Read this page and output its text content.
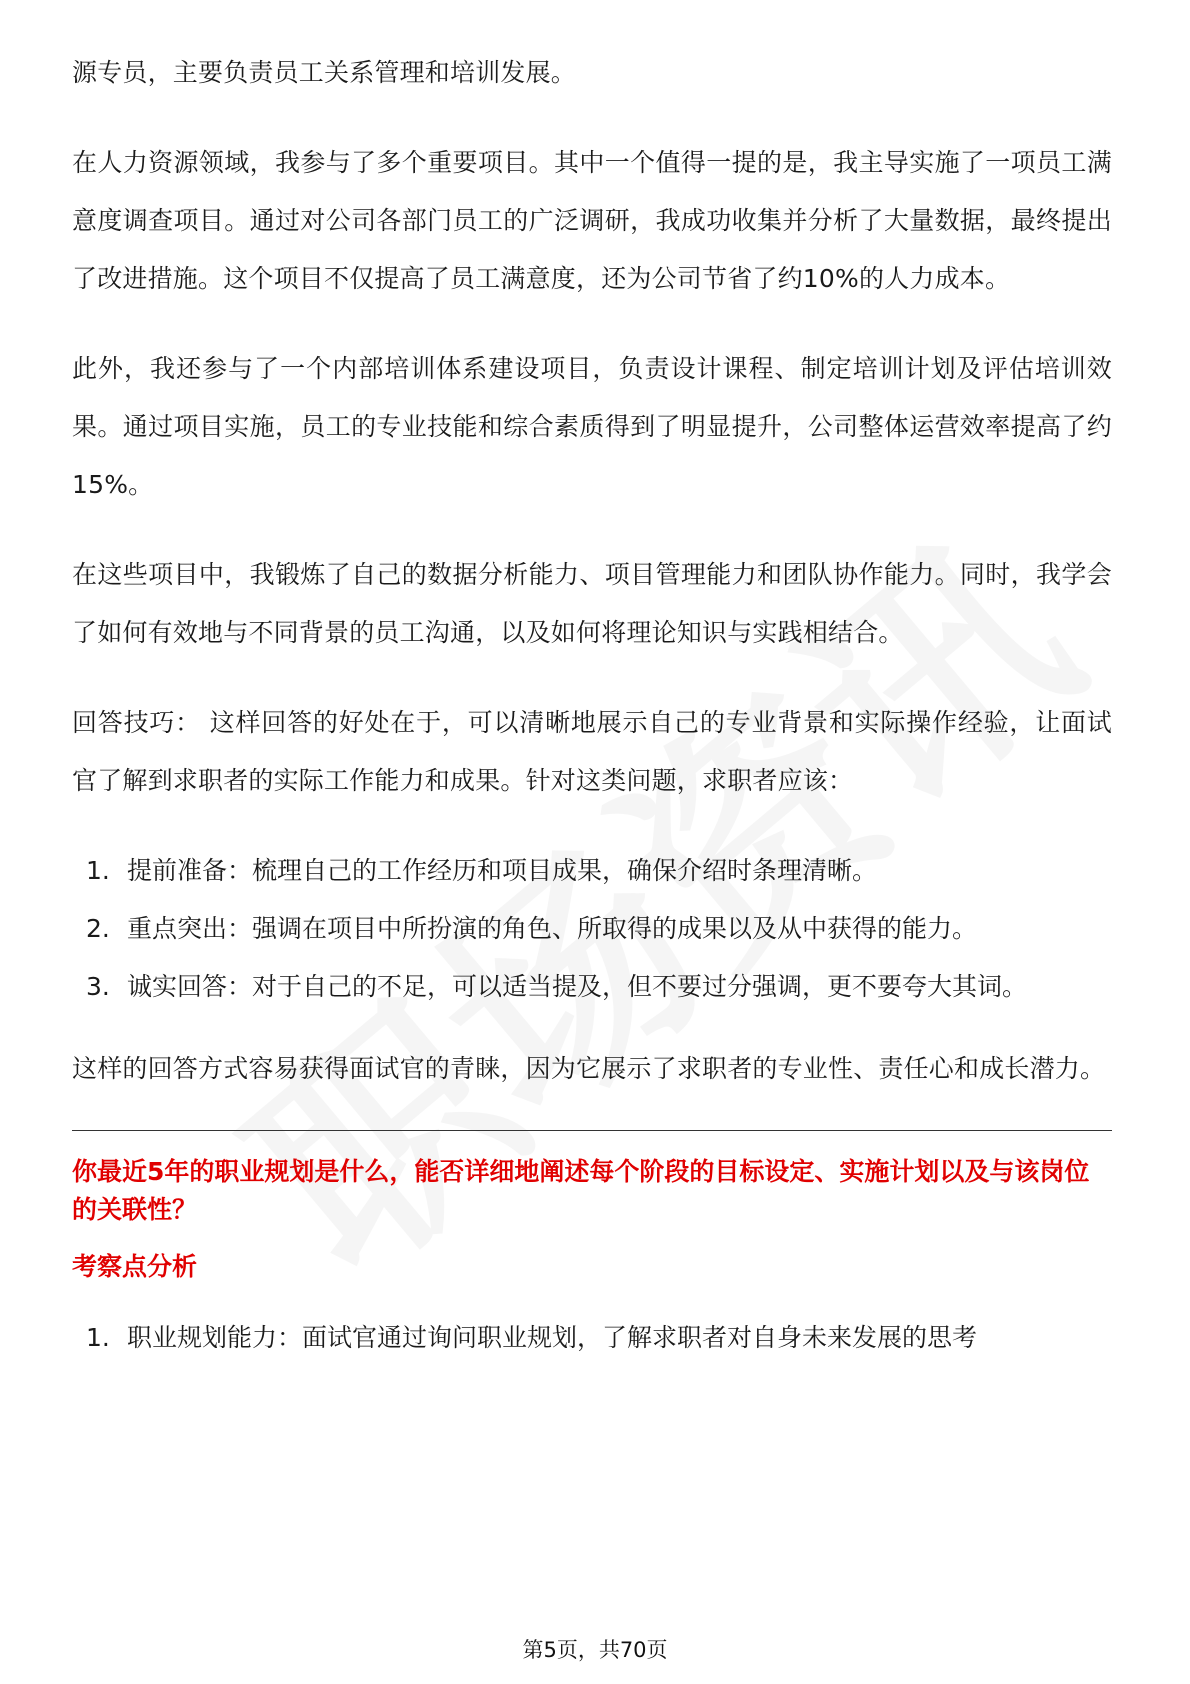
源专员，主要负责员工关系管理和培训发展。

在人力资源领域，我参与了多个重要项目。其中一个值得一提的是，我主导实施了一项员工满意度调查项目。通过对公司各部门员工的广泛调研，我成功收集并分析了大量数据，最终提出了改进措施。这个项目不仅提高了员工满意度，还为公司节省了约10%的人力成本。

此外，我还参与了一个内部培训体系建设项目，负责设计课程、制定培训计划及评估培训效果。通过项目实施，员工的专业技能和综合素质得到了明显提升，公司整体运营效率提高了约15%。

在这些项目中，我锻炼了自己的数据分析能力、项目管理能力和团队协作能力。同时，我学会了如何有效地与不同背景的员工沟通，以及如何将理论知识与实践相结合。

回答技巧： 这样回答的好处在于，可以清晰地展示自己的专业背景和实际操作经验，让面试官了解到求职者的实际工作能力和成果。针对这类问题，求职者应该：

1. 提前准备：梳理自己的工作经历和项目成果，确保介绍时条理清晰。
2. 重点突出：强调在项目中所扮演的角色、所取得的成果以及从中获得的能力。
3. 诚实回答：对于自己的不足，可以适当提及，但不要过分强调，更不要夸大其词。

这样的回答方式容易获得面试官的青睐，因为它展示了求职者的专业性、责任心和成长潜力。

你最近5年的职业规划是什么，能否详细地阐述每个阶段的目标设定、实施计划以及与该岗位的关联性？
考察点分析
1. 职业规划能力：面试官通过询问职业规划，了解求职者对自身未来发展的思考
第5页，共70页
